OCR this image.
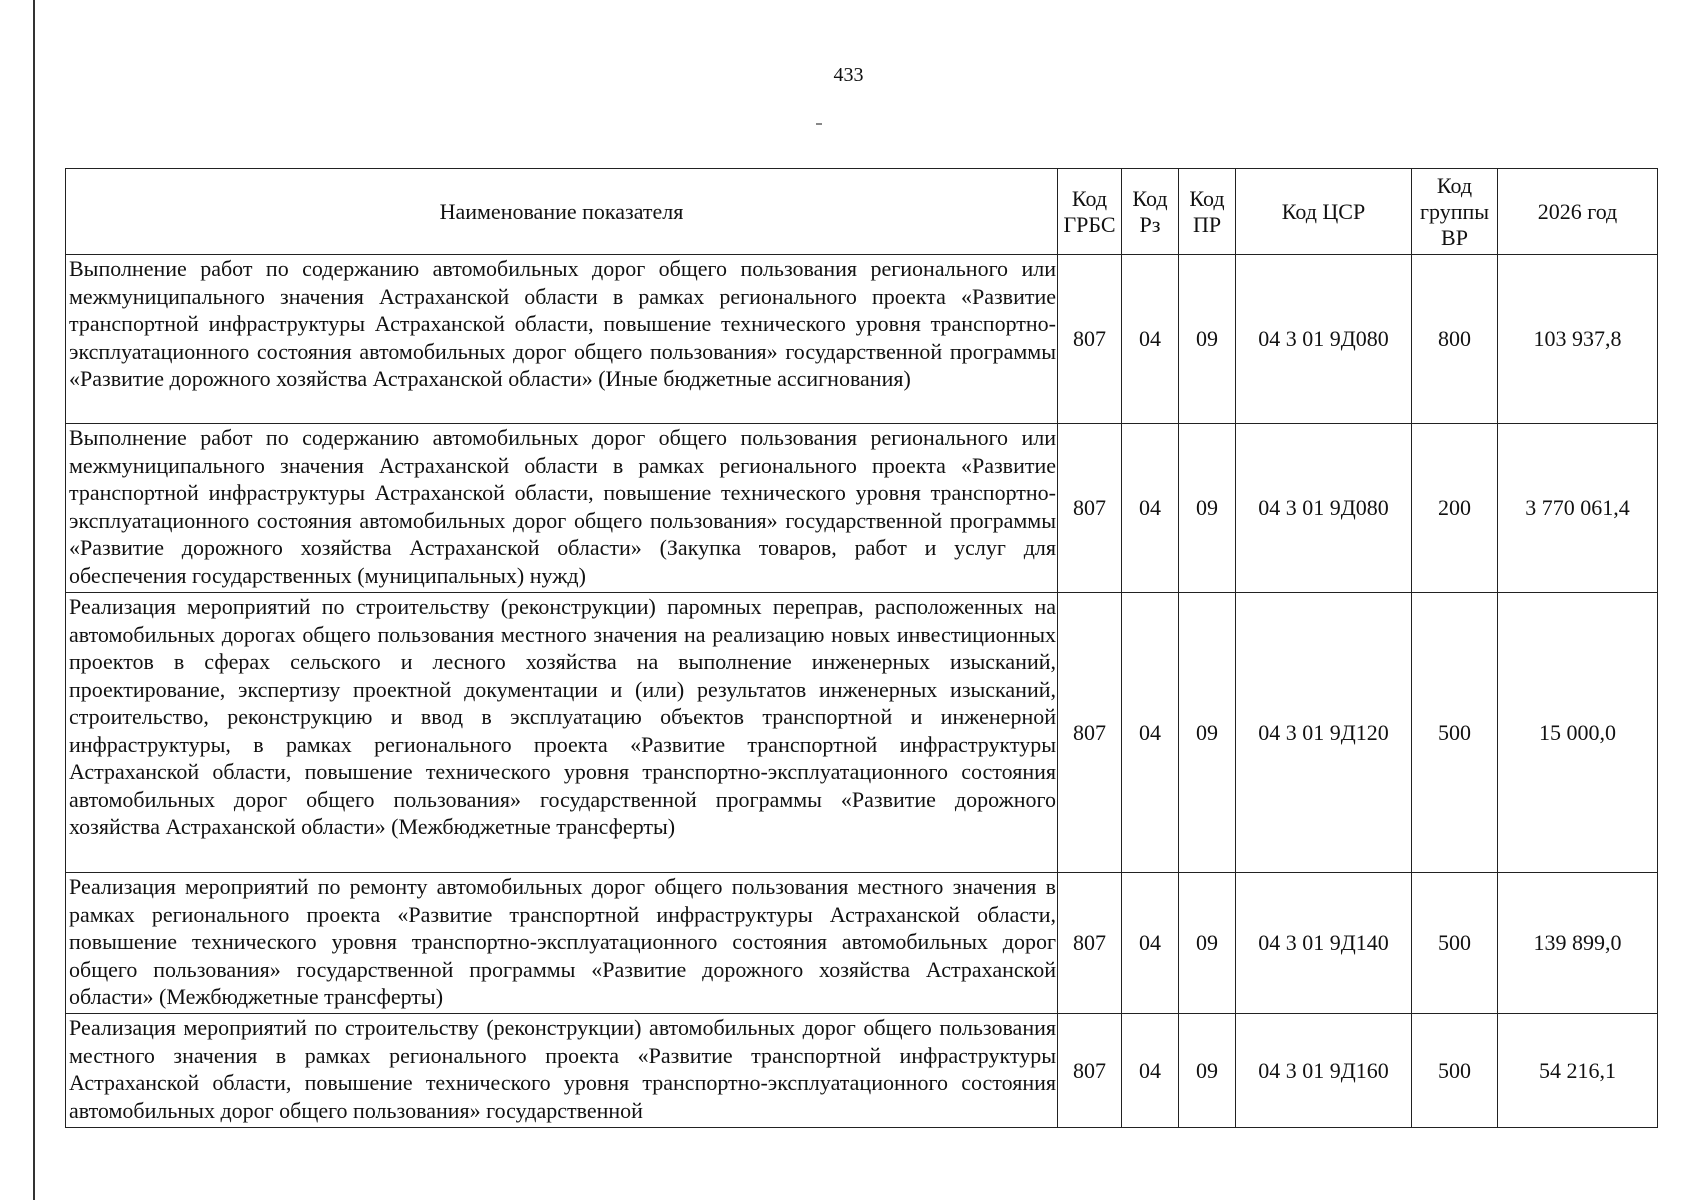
433
Наименование показателя	Код ГРБС	Код Рз	Код ПР	Код ЦСР	Код группы ВР	2026 год
Выполнение работ по содержанию автомобильных дорог общего пользования регионального или межмуниципального значения Астраханской области в рамках регионального проекта «Развитие транспортной инфраструктуры Астраханской области, повышение технического уровня транспортно-эксплуатационного состояния автомобильных дорог общего пользования» государственной программы «Развитие дорожного хозяйства Астраханской области» (Иные бюджетные ассигнования)	807	04	09	04 3 01 9Д080	800	103 937,8
Выполнение работ по содержанию автомобильных дорог общего пользования регионального или межмуниципального значения Астраханской области в рамках регионального проекта «Развитие транспортной инфраструктуры Астраханской области, повышение технического уровня транспортно-эксплуатационного состояния автомобильных дорог общего пользования» государственной программы «Развитие дорожного хозяйства Астраханской области» (Закупка товаров, работ и услуг для обеспечения государственных (муниципальных) нужд)	807	04	09	04 3 01 9Д080	200	3 770 061,4
Реализация мероприятий по строительству (реконструкции) паромных переправ, расположенных на автомобильных дорогах общего пользования местного значения на реализацию новых инвестиционных проектов в сферах сельского и лесного хозяйства на выполнение инженерных изысканий, проектирование, экспертизу проектной документации и (или) результатов инженерных изысканий, строительство, реконструкцию и ввод в эксплуатацию объектов транспортной и инженерной инфраструктуры, в рамках регионального проекта «Развитие транспортной инфраструктуры Астраханской области, повышение технического уровня транспортно-эксплуатационного состояния автомобильных дорог общего пользования» государственной программы «Развитие дорожного хозяйства Астраханской области» (Межбюджетные трансферты)	807	04	09	04 3 01 9Д120	500	15 000,0
Реализация мероприятий по ремонту автомобильных дорог общего пользования местного значения в рамках регионального проекта «Развитие транспортной инфраструктуры Астраханской области, повышение технического уровня транспортно-эксплуатационного состояния автомобильных дорог общего пользования» государственной программы «Развитие дорожного хозяйства Астраханской области» (Межбюджетные трансферты)	807	04	09	04 3 01 9Д140	500	139 899,0
Реализация мероприятий по строительству (реконструкции) автомобильных дорог общего пользования местного значения в рамках регионального проекта «Развитие транспортной инфраструктуры Астраханской области, повышение технического уровня транспортно-эксплуатационного состояния автомобильных дорог общего пользования» государственной	807	04	09	04 3 01 9Д160	500	54 216,1
